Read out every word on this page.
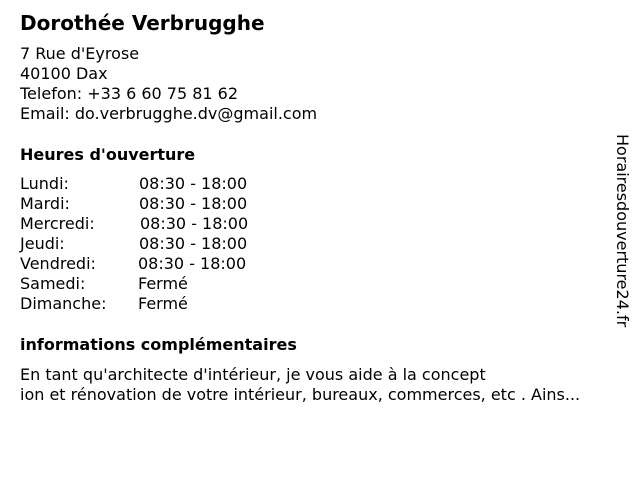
Dorothée Verbrugghe
7 Rue d'Eyrose
40100 Dax
Telefon: +33 6 60 75 81 62
Email: do.verbrugghe.dv@gmail.com
Heures d'ouverture
Lundi:	08:30 - 18:00
Mardi:	08:30 - 18:00
Mercredi:	08:30 - 18:00
Jeudi:	08:30 - 18:00
Vendredi:	08:30 - 18:00
Samedi:	Fermé
Dimanche: Fermé
informations complémentaires
En tant qu'architecte d'intérieur, je vous aide à la concept
ion et rénovation de votre intérieur, bureaux, commerces, etc . Ains...
Horairesdouverture24.fr
